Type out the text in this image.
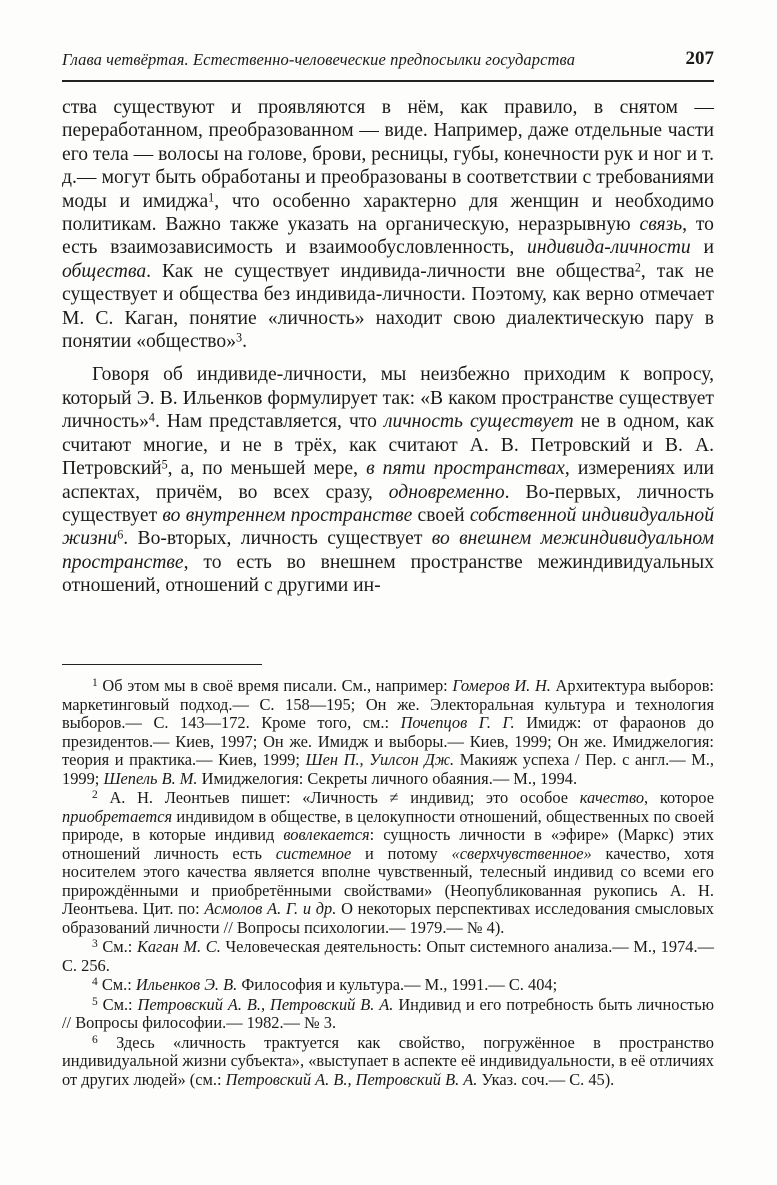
Глава четвёртая. Естественно-человеческие предпосылки государства	207

ства существуют и проявляются в нём, как правило, в снятом — переработанном, преобразованном — виде. Например, даже отдельные части его тела — волосы на голове, брови, ресницы, губы, конечности рук и ног и т. д.— могут быть обработаны и преобразованы в соответствии с требованиями моды и имиджа$^1$, что особенно характерно для женщин и необходимо политикам. Важно также указать на органическую, неразрывную связь, то есть взаимозависимость и взаимообусловленность, индивида-личности и общества. Как не существует индивида-личности вне общества$^2$, так не существует и общества без индивида-личности. Поэтому, как верно отмечает М. С. Каган, понятие «личность» находит свою диалектическую пару в понятии «общество»$^3$.

Говоря об индивиде-личности, мы неизбежно приходим к вопросу, который Э. В. Ильенков формулирует так: «В каком пространстве существует личность»$^4$. Нам представляется, что личность существует не в одном, как считают многие, и не в трёх, как считают А. В. Петровский и В. А. Петровский$^5$, а, по меньшей мере, в пяти пространствах, измерениях или аспектах, причём, во всех сразу, одновременно. Во-первых, личность существует во внутреннем пространстве своей собственной индивидуальной жизни$^6$. Во-вторых, личность существует во внешнем межиндивидуальном пространстве, то есть во внешнем пространстве межиндивидуальных отношений, отношений с другими ин-

$^1$ Об этом мы в своё время писали. См., например: Гомеров И. Н. Архитектура выборов: маркетинговый подход.— С. 158—195; Он же. Электоральная культура и технология выборов.— С. 143—172. Кроме того, см.: Почепцов Г. Г. Имидж: от фараонов до президентов.— Киев, 1997; Он же. Имидж и выборы.— Киев, 1999; Он же. Имиджелогия: теория и практика.— Киев, 1999; Шен П., Уилсон Дж. Макияж успеха / Пер. с англ.— М., 1999; Шепель В. М. Имиджелогия: Секреты личного обаяния.— М., 1994.

$^2$ А. Н. Леонтьев пишет: «Личность ≠ индивид; это особое качество, которое приобретается индивидом в обществе, в целокупности отношений, общественных по своей природе, в которые индивид вовлекается: сущность личности в «эфире» (Маркс) этих отношений личность есть системное и потому «сверхчувственное» качество, хотя носителем этого качества является вполне чувственный, телесный индивид со всеми его прирождёнными и приобретёнными свойствами» (Неопубликованная рукопись А. Н. Леонтьева. Цит. по: Асмолов А. Г. и др. О некоторых перспективах исследования смысловых образований личности // Вопросы психологии.— 1979.— № 4).

$^3$ См.: Каган М. С. Человеческая деятельность: Опыт системного анализа.— М., 1974.— С. 256.

$^4$ См.: Ильенков Э. В. Философия и культура.— М., 1991.— С. 404;

$^5$ См.: Петровский А. В., Петровский В. А. Индивид и его потребность быть личностью // Вопросы философии.— 1982.— № 3.

$^6$ Здесь «личность трактуется как свойство, погружённое в пространство индивидуальной жизни субъекта», «выступает в аспекте её индивидуальности, в её отличиях от других людей» (см.: Петровский А. В., Петровский В. А. Указ. соч.— С. 45).
